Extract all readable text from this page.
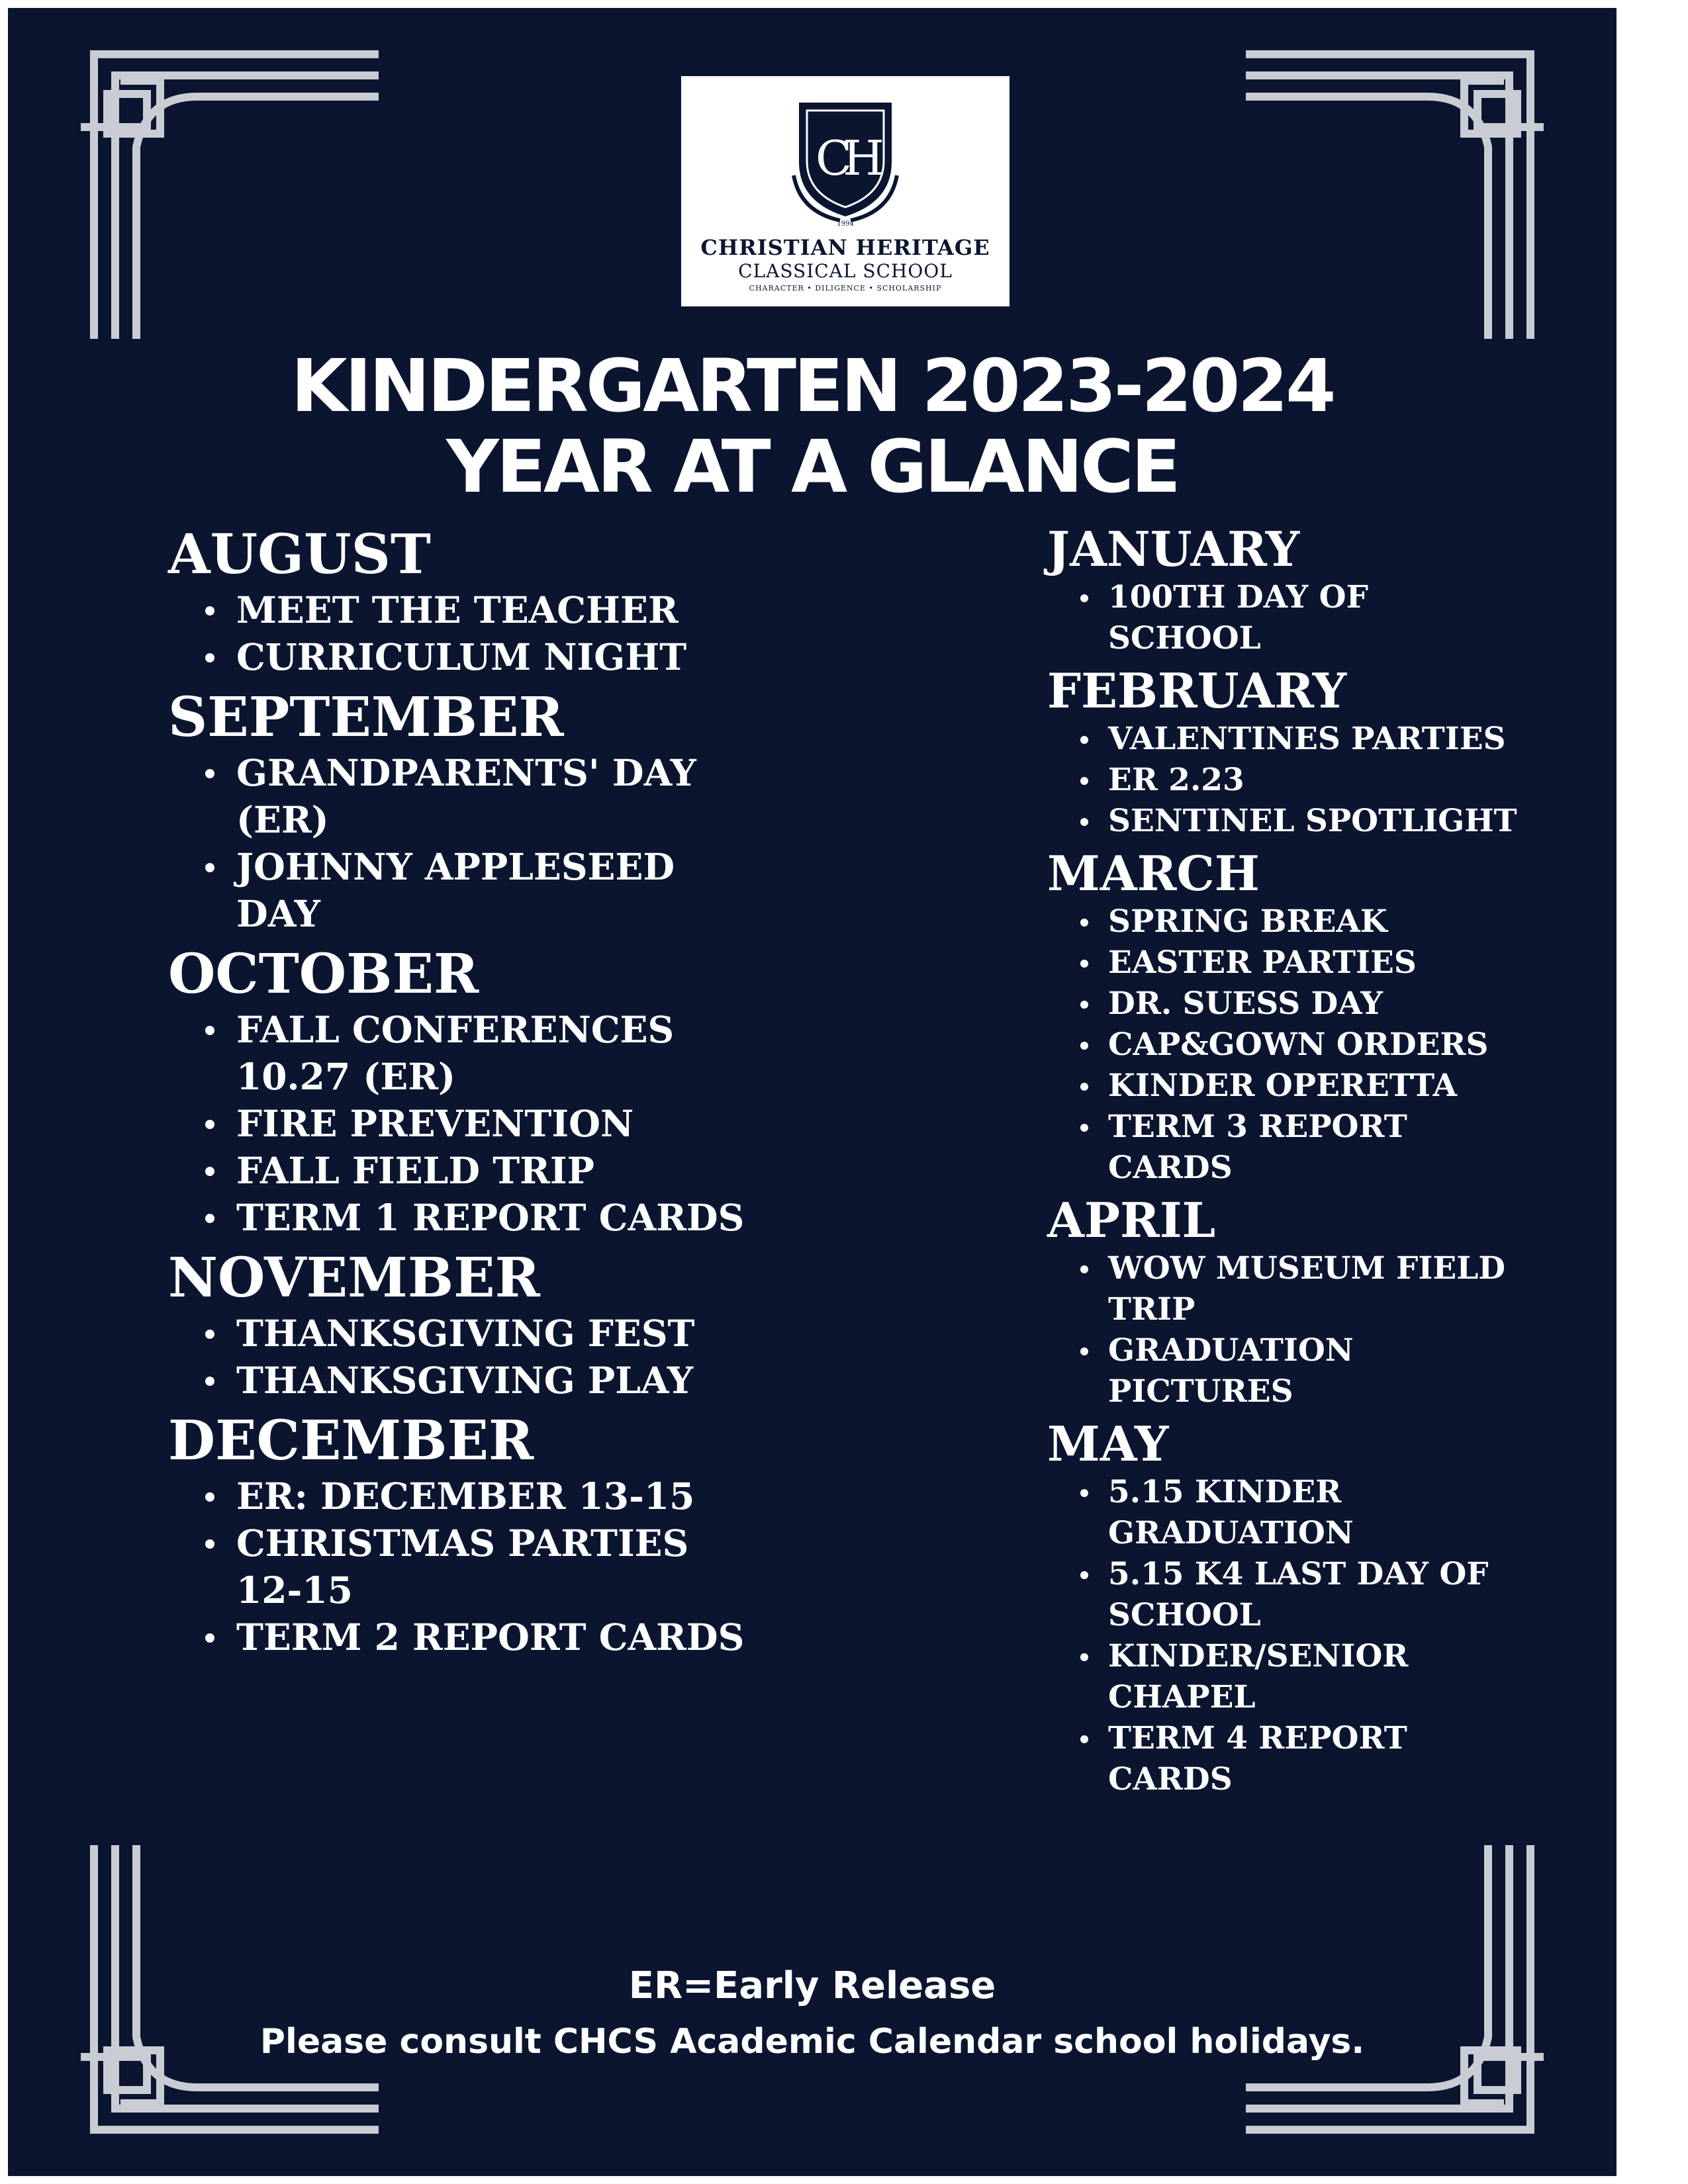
CH
1994
CHRISTIAN HERITAGE
CLASSICAL SCHOOL
CHARACTER • DILIGENCE • SCHOLARSHIP
KINDERGARTEN 2023-2024
YEAR AT A GLANCE
AUGUST
MEET THE TEACHER
CURRICULUM NIGHT
SEPTEMBER
GRANDPARENTS' DAY (ER)
JOHNNY APPLESEED DAY
OCTOBER
FALL CONFERENCES 10.27 (ER)
FIRE PREVENTION
FALL FIELD TRIP
TERM 1 REPORT CARDS
NOVEMBER
THANKSGIVING FEST
THANKSGIVING PLAY
DECEMBER
ER: DECEMBER 13-15
CHRISTMAS PARTIES 12-15
TERM 2 REPORT CARDS
JANUARY
100TH DAY OF SCHOOL
FEBRUARY
VALENTINES PARTIES
ER 2.23
SENTINEL SPOTLIGHT
MARCH
SPRING BREAK
EASTER PARTIES
DR. SUESS DAY
CAP&GOWN ORDERS
KINDER OPERETTA
TERM 3 REPORT CARDS
APRIL
WOW MUSEUM FIELD TRIP
GRADUATION PICTURES
MAY
5.15 KINDER GRADUATION
5.15 K4 LAST DAY OF SCHOOL
KINDER/SENIOR CHAPEL
TERM 4 REPORT CARDS
ER=Early Release
Please consult CHCS Academic Calendar school holidays.
